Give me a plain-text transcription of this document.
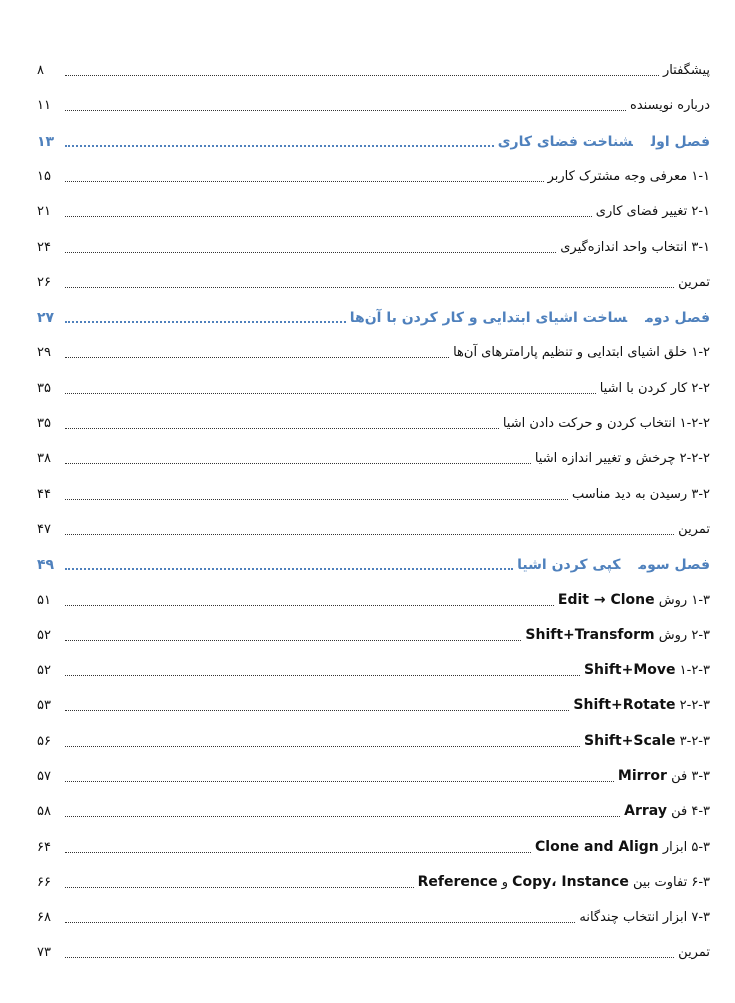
پیشگفتار
۸
درباره نویسنده
۱۱
فصل اولشناخت فضای کاری
۱۳
۱-۱ معرفی وجه مشترک کاربر
۱۵
۲-۱ تغییر فضای کاری
۲۱
۳-۱ انتخاب واحد اندازه‌گیری
۲۴
تمرین
۲۶
فصل دومساخت اشیای ابتدایی و کار کردن با آن‌ها
۲۷
۱-۲ خلق اشیای ابتدایی و تنظیم پارامترهای آن‌ها
۲۹
۲-۲ کار کردن با اشیا
۳۵
۱-۲-۲ انتخاب کردن و حرکت دادن اشیا
۳۵
۲-۲-۲ چرخش و تغییر اندازه اشیا
۳۸
۳-۲ رسیدن به دید مناسب
۴۴
تمرین
۴۷
فصل سومکپی کردن اشیا
۴۹
۱-۳ روش Edit → Clone
۵۱
۲-۳ روش Shift+Transform
۵۲
۱-۲-۳ Shift+Move
۵۲
۲-۲-۳ Shift+Rotate
۵۳
۳-۲-۳ Shift+Scale
۵۶
۳-۳ فن Mirror
۵۷
۴-۳ فن Array
۵۸
۵-۳ ابزار Clone and Align
۶۴
۶-۳ تفاوت بین Copy، Instance و Reference
۶۶
۷-۳ ابزار انتخاب چندگانه
۶۸
تمرین
۷۳
